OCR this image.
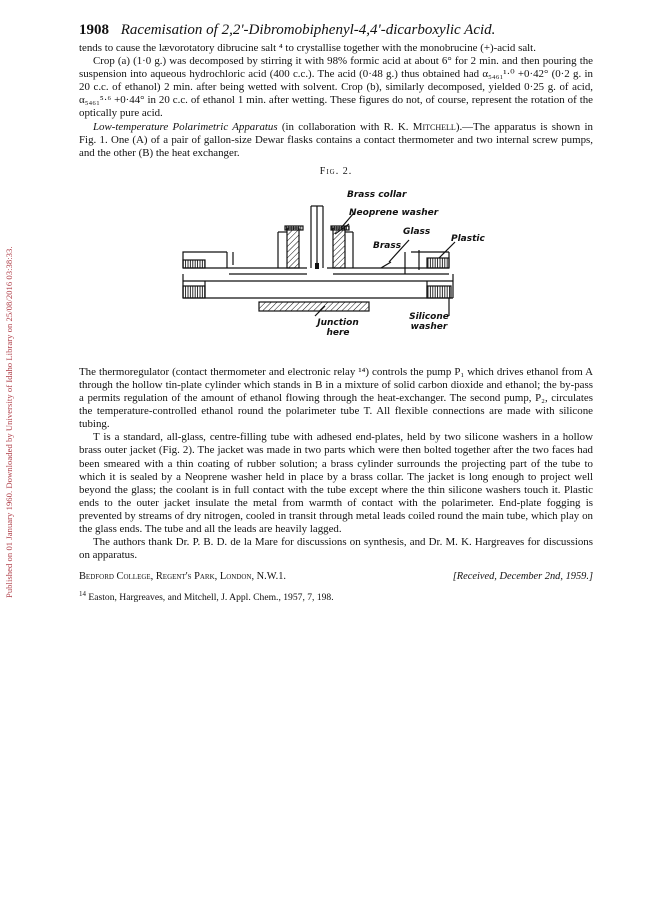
Published on 01 January 1960. Downloaded by University of Idaho Library on 25/08/2016 03:38:33.
1908 Racemisation of 2,2'-Dibromobiphenyl-4,4'-dicarboxylic Acid.

tends to cause the lævorotatory dibrucine salt ⁴ to crystallise together with the monobrucine (+)-acid salt.

Crop (a) (1·0 g.) was decomposed by stirring it with 98% formic acid at about 6° for 2 min. and then pouring the suspension into aqueous hydrochloric acid (400 c.c.). The acid (0·48 g.) thus obtained had α₅₄₆₁¹·⁰ +0·42° (0·2 g. in 20 c.c. of ethanol) 2 min. after being wetted with solvent. Crop (b), similarly decomposed, yielded 0·25 g. of acid, α₅₄₆₁⁵·⁶ +0·44° in 20 c.c. of ethanol 1 min. after wetting. These figures do not, of course, represent the rotation of the optically pure acid.

Low-temperature Polarimetric Apparatus (in collaboration with R. K. Mitchell).—The apparatus is shown in Fig. 1. One (A) of a pair of gallon-size Dewar flasks contains a contact thermometer and two internal screw pumps, and the other (B) the heat exchanger.

Fig. 2.
Brass collar
Neoprene washer
Glass
Brass
Plastic
Silicone washer
Junction here

The thermoregulator (contact thermometer and electronic relay ¹⁴) controls the pump P₁ which drives ethanol from A through the hollow tin-plate cylinder which stands in B in a mixture of solid carbon dioxide and ethanol; the by-pass a permits regulation of the amount of ethanol flowing through the heat-exchanger. The second pump, P₂, circulates the temperature-controlled ethanol round the polarimeter tube T. All flexible connections are made with silicone tubing.

T is a standard, all-glass, centre-filling tube with adhesed end-plates, held by two silicone washers in a hollow brass outer jacket (Fig. 2). The jacket was made in two parts which were then bolted together after the two faces had been smeared with a thin coating of rubber solution; a brass cylinder surrounds the projecting part of the tube to which it is sealed by a Neoprene washer held in place by a brass collar. The jacket is long enough to project well beyond the glass; the coolant is in full contact with the tube except where the thin silicone washers touch it. Plastic ends to the outer jacket insulate the metal from warmth of contact with the polarimeter. End-plate fogging is prevented by streams of dry nitrogen, cooled in transit through metal leads coiled round the main tube, which play on the glass ends. The tube and all the leads are heavily lagged.

The authors thank Dr. P. B. D. de la Mare for discussions on synthesis, and Dr. M. K. Hargreaves for discussions on apparatus.

Bedford College, Regent's Park, London, N.W.1.	[Received, December 2nd, 1959.]
$^{14}$ Easton, Hargreaves, and Mitchell, J. Appl. Chem., 1957, 7, 198.
